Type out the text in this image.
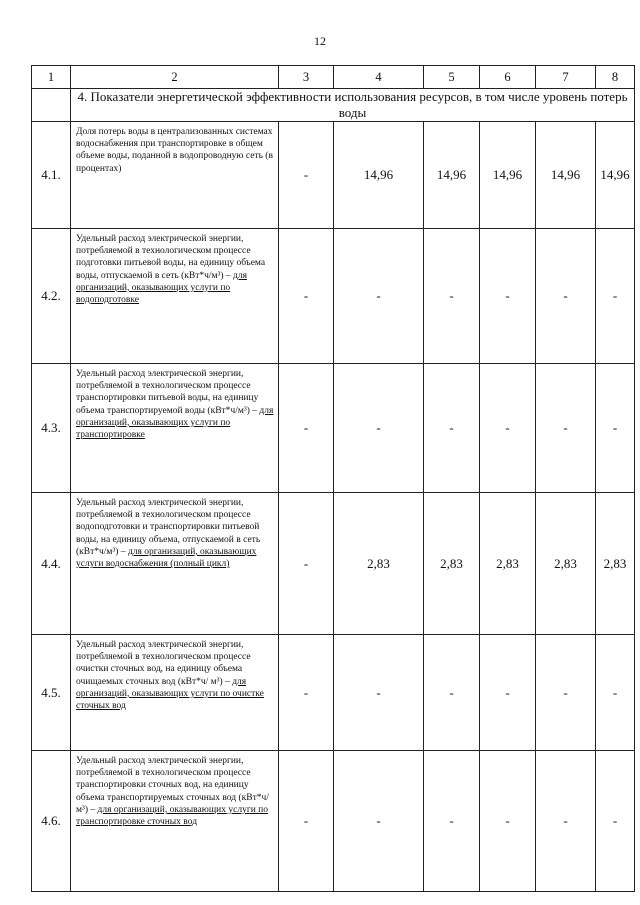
12
1	2	3	4	5	6	7	8
	4. Показатели энергетической эффективности использования ресурсов, в том числе уровень потерь воды						
4.1.	Доля потерь воды в централизованных системах водоснабжения при транспортировке в общем объеме воды, поданной в водопроводную сеть (в процентах)	-	14,96	14,96	14,96	14,96	14,96
4.2.	Удельный расход электрической энергии, потребляемой в технологическом процессе подготовки питьевой воды, на единицу объема воды, отпускаемой в сеть (кВт*ч/м³) – для организаций, оказывающих услуги по водоподготовке	-	-	-	-	-	-
4.3.	Удельный расход электрической энергии, потребляемой в технологическом процессе транспортировки питьевой воды, на единицу объема транспортируемой воды (кВт*ч/м³) – для организаций, оказывающих услуги по транспортировке	-	-	-	-	-	-
4.4.	Удельный расход электрической энергии, потребляемой в технологическом процессе водоподготовки и транспортировки питьевой воды, на единицу объема, отпускаемой в сеть (кВт*ч/м³) – для организаций, оказывающих услуги водоснабжения (полный цикл)	-	2,83	2,83	2,83	2,83	2,83
4.5.	Удельный расход электрической энергии, потребляемой в технологическом процессе очистки сточных вод, на единицу объема очищаемых сточных вод (кВт*ч/ м³) – для организаций, оказывающих услуги по очистке сточных вод	-	-	-	-	-	-
4.6.	Удельный расход электрической энергии, потребляемой в технологическом процессе транспортировки сточных вод, на единицу объема транспортируемых сточных вод (кВт*ч/ м³) – для организаций, оказывающих услуги по транспортировке сточных вод	-	-	-	-	-	-
